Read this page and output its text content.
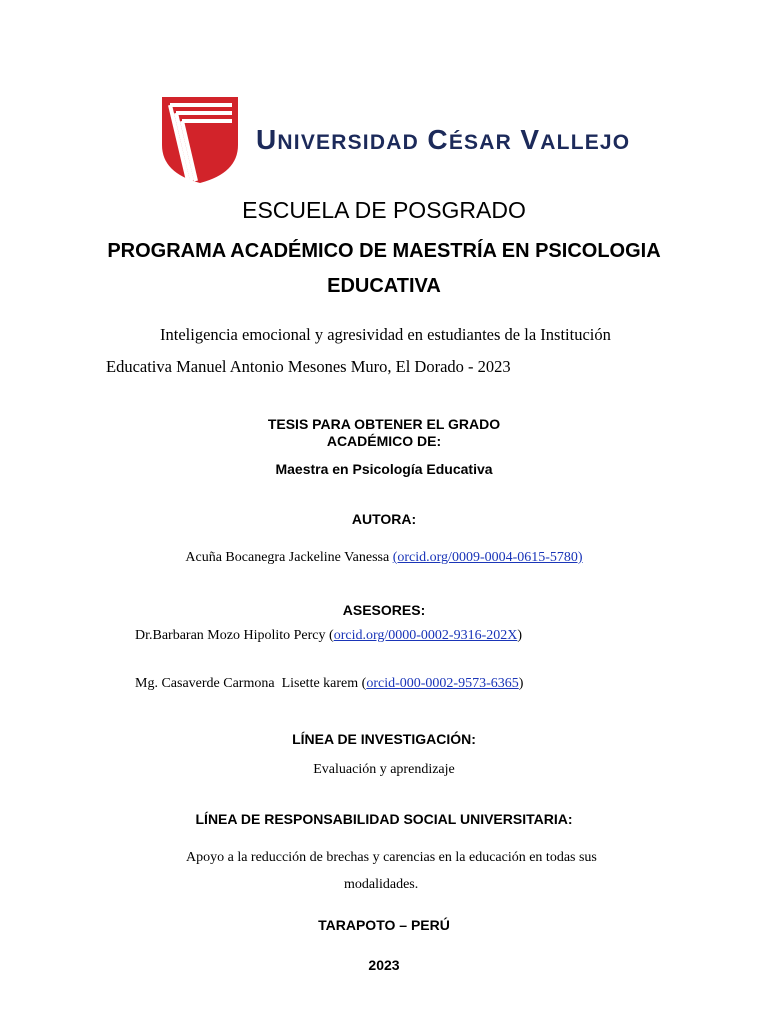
UNIVERSIDAD CÉSAR VALLEJO
ESCUELA DE POSGRADO
PROGRAMA ACADÉMICO DE MAESTRÍA EN PSICOLOGIA
EDUCATIVA
Inteligencia emocional y agresividad en estudiantes de la Institución
Educativa Manuel Antonio Mesones Muro, El Dorado - 2023
TESIS PARA OBTENER EL GRADO
ACADÉMICO DE:
Maestra en Psicología Educativa
AUTORA:
Acuña Bocanegra Jackeline Vanessa (orcid.org/0009-0004-0615-5780)
ASESORES:
Dr.Barbaran Mozo Hipolito Percy (orcid.org/0000-0002-9316-202X)
Mg. Casaverde Carmona  Lisette karem (orcid-000-0002-9573-6365)
LÍNEA DE INVESTIGACIÓN:
Evaluación y aprendizaje
LÍNEA DE RESPONSABILIDAD SOCIAL UNIVERSITARIA:
Apoyo a la reducción de brechas y carencias en la educación en todas sus
modalidades.
TARAPOTO – PERÚ
2023
